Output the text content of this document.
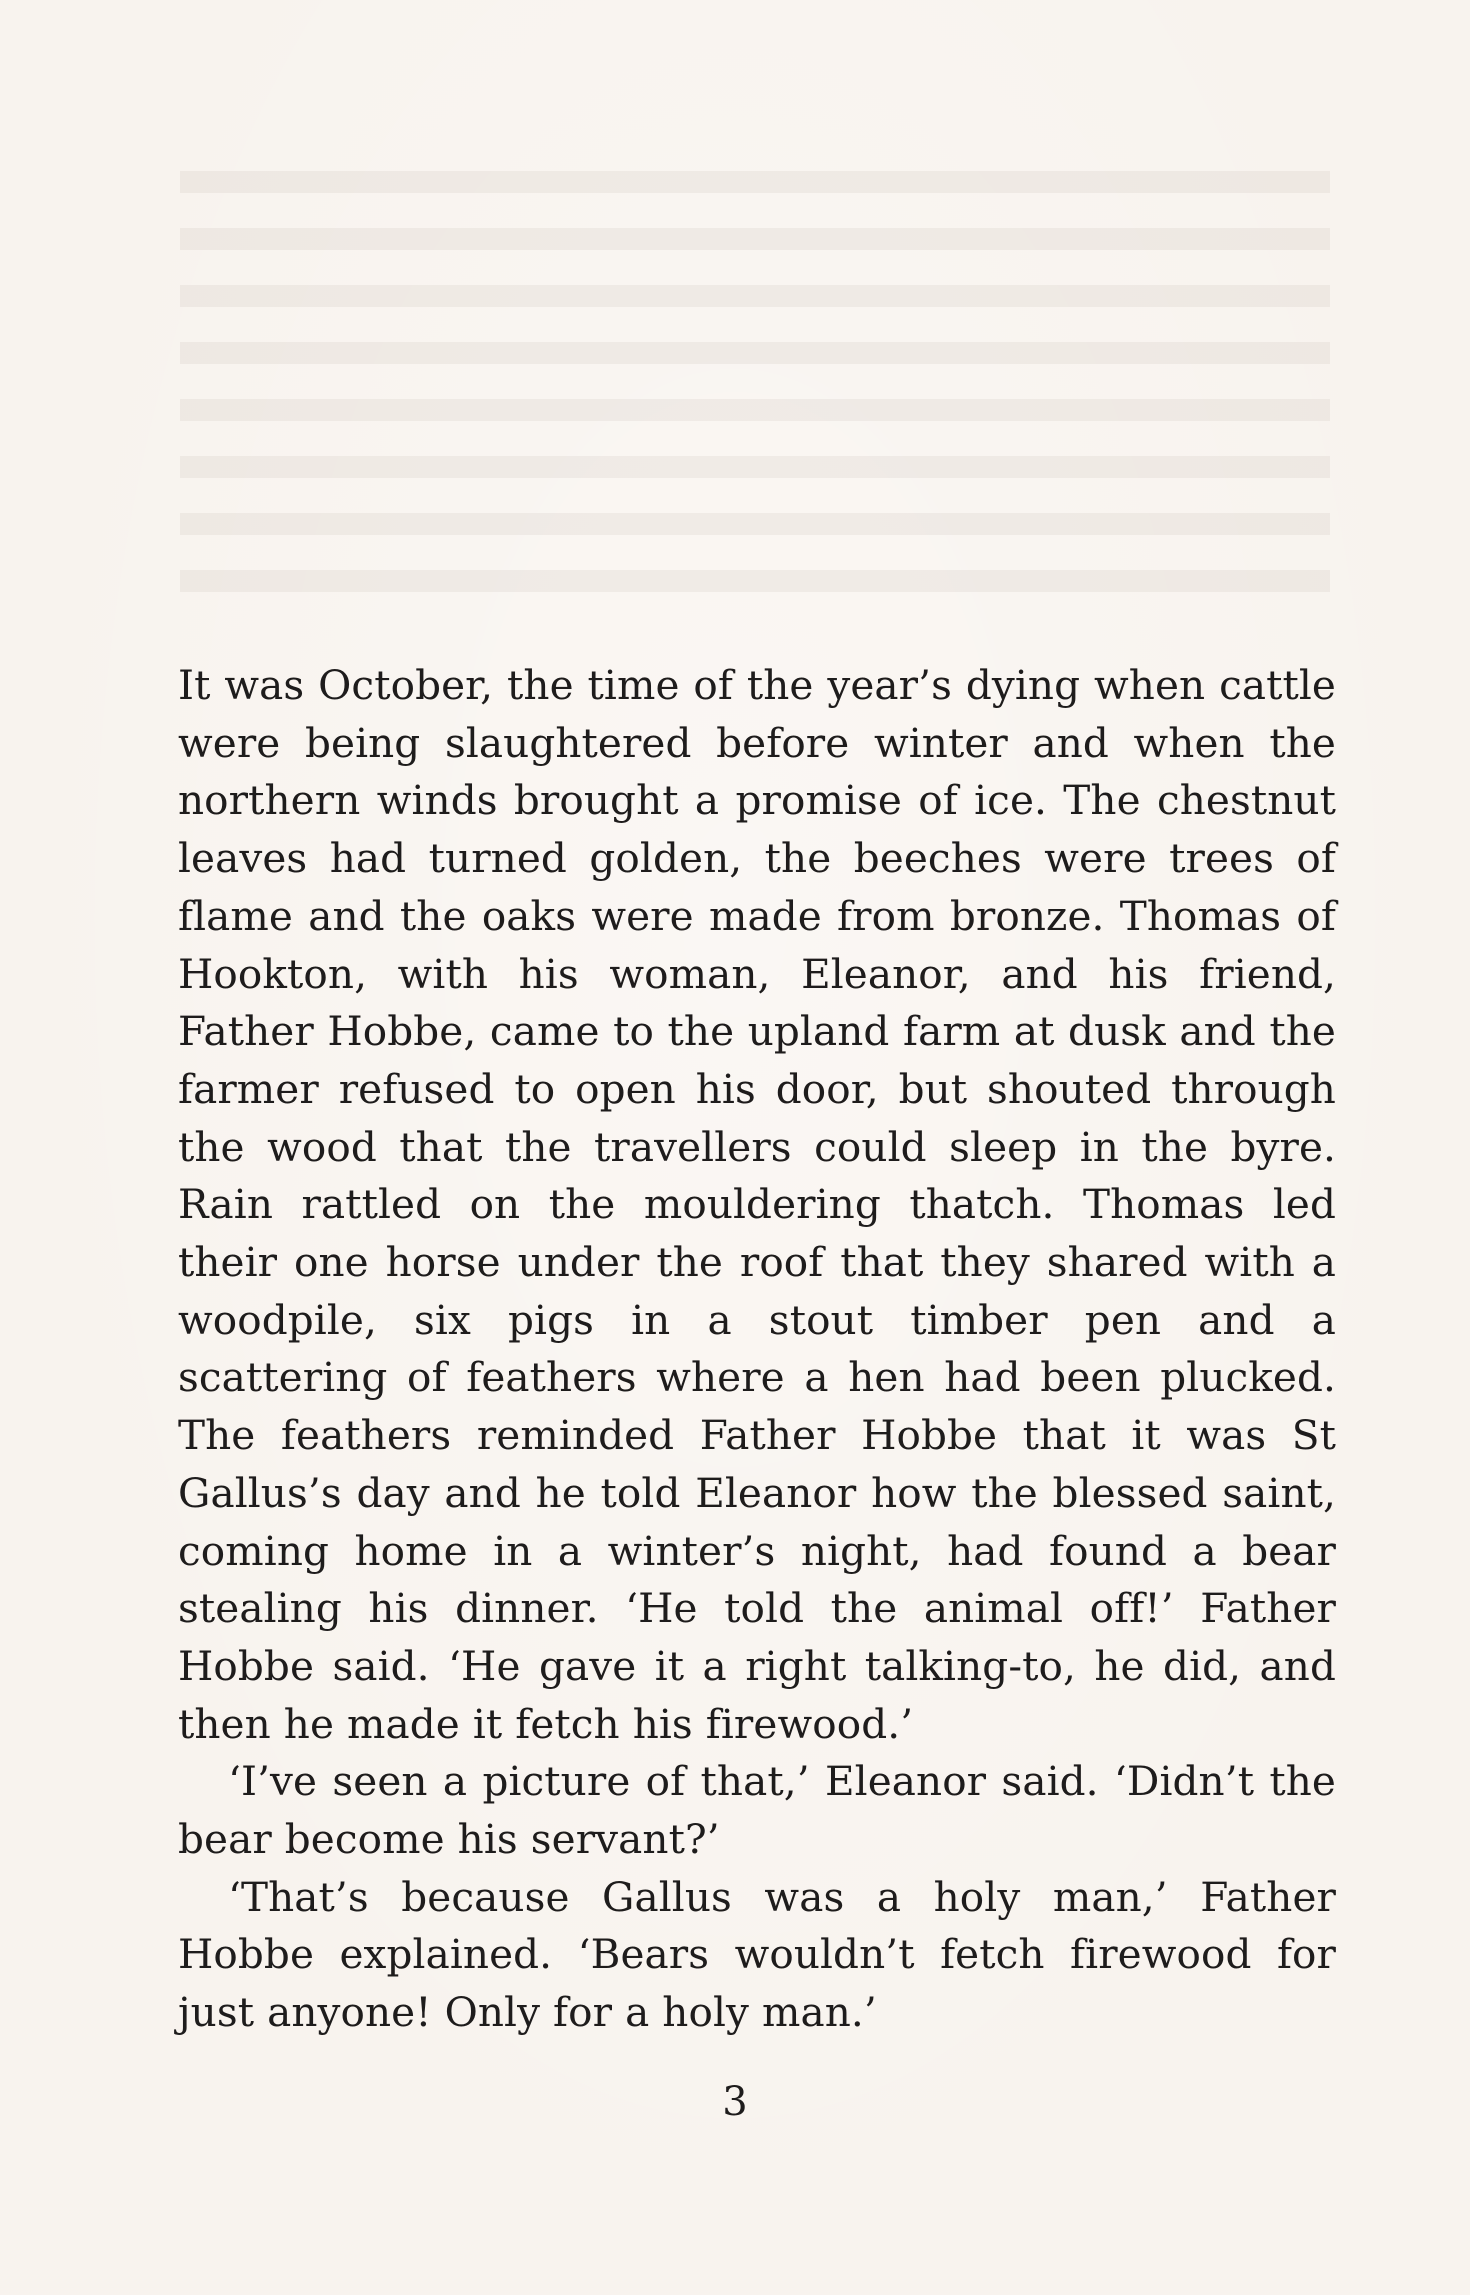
It was October, the time of the year’s dying when cattle were being slaughtered before winter and when the northern winds brought a promise of ice. The chestnut leaves had turned golden, the beeches were trees of flame and the oaks were made from bronze. Thomas of Hookton, with his woman, Eleanor, and his friend, Father Hobbe, came to the upland farm at dusk and the farmer refused to open his door, but shouted through the wood that the travellers could sleep in the byre. Rain rattled on the mouldering thatch. Thomas led their one horse under the roof that they shared with a woodpile, six pigs in a stout timber pen and a scattering of feathers where a hen had been plucked. The feathers reminded Father Hobbe that it was St Gallus’s day and he told Eleanor how the blessed saint, coming home in a winter’s night, had found a bear stealing his dinner. ‘He told the animal off!’ Father Hobbe said. ‘He gave it a right talking-to, he did, and then he made it fetch his firewood.’

‘I’ve seen a picture of that,’ Eleanor said. ‘Didn’t the bear become his servant?’

‘That’s because Gallus was a holy man,’ Father Hobbe explained. ‘Bears wouldn’t fetch firewood for just anyone! Only for a holy man.’

3
